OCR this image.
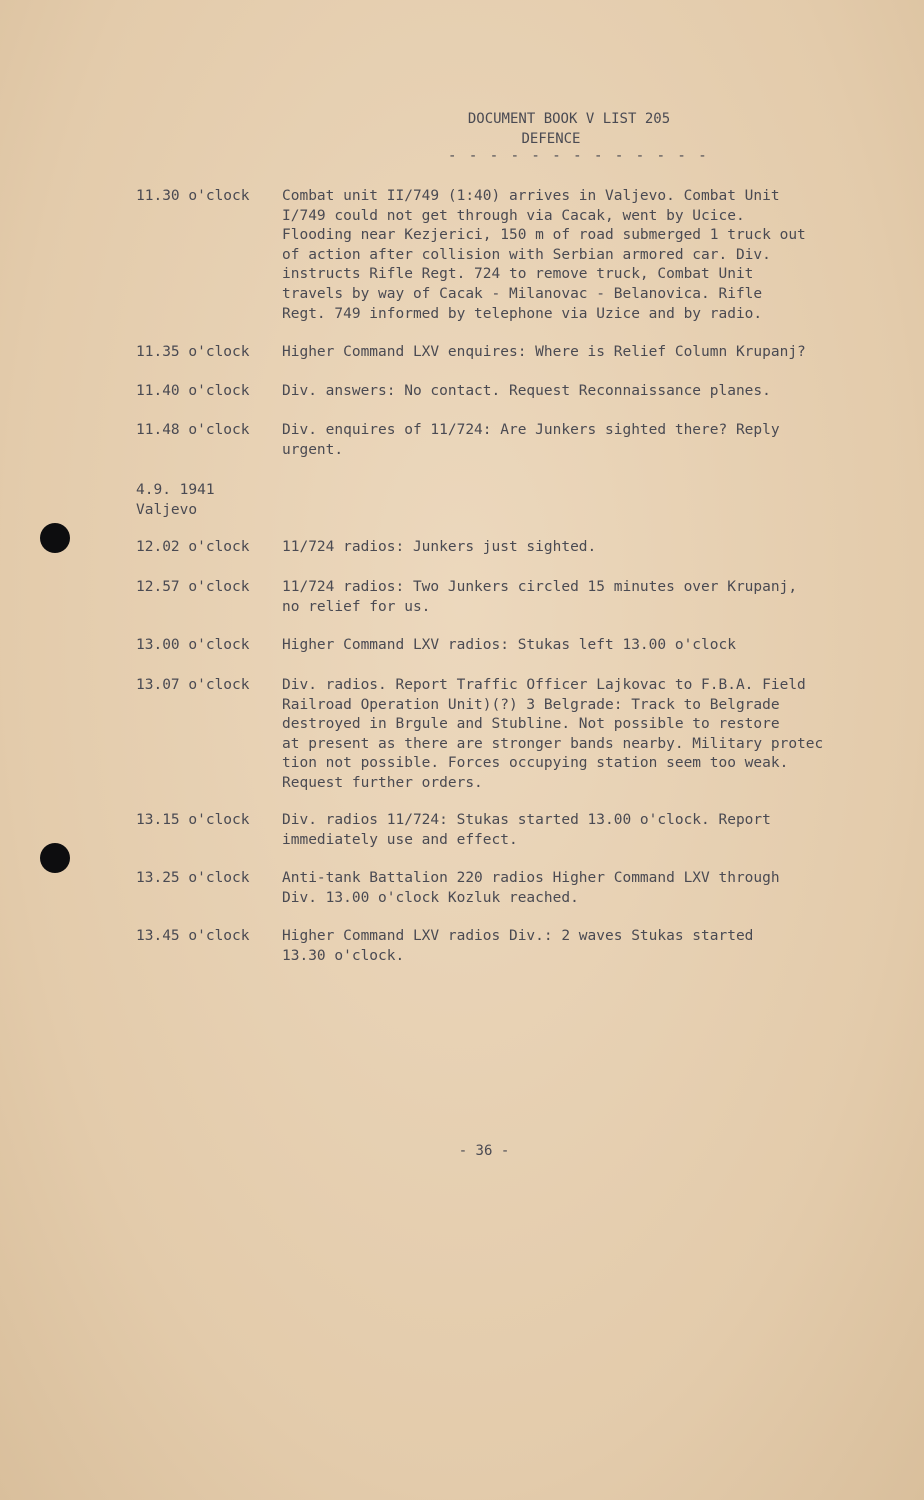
DOCUMENT BOOK V LIST 205
DEFENCE
- - - - - - - - - - - - -
11.30 o'clock	Combat unit II/749 (1:40) arrives in Valjevo. Combat Unit
I/749 could not get through via Cacak, went by Ucice.
Flooding near Kezjerici, 150 m of road submerged 1 truck out
of action after collision with Serbian armored car. Div.
instructs Rifle Regt. 724 to remove truck, Combat Unit
travels by way of Cacak - Milanovac - Belanovica. Rifle
Regt. 749 informed by telephone via Uzice and by radio.
11.35 o'clock	Higher Command LXV enquires: Where is Relief Column Krupanj?
11.40 o'clock	Div. answers: No contact. Request Reconnaissance planes.
11.48 o'clock	Div. enquires of 11/724: Are Junkers sighted there? Reply
urgent.
4.9. 1941
Valjevo
12.02 o'clock	11/724 radios: Junkers just sighted.
12.57 o'clock	11/724 radios: Two Junkers circled 15 minutes over Krupanj,
no relief for us.
13.00 o'clock	Higher Command LXV radios: Stukas left 13.00 o'clock
13.07 o'clock	Div. radios. Report Traffic Officer Lajkovac to F.B.A. Field
Railroad Operation Unit)(?) 3 Belgrade: Track to Belgrade
destroyed in Brgule and Stubline. Not possible to restore
at present as there are stronger bands nearby. Military protec
tion not possible. Forces occupying station seem too weak.
Request further orders.
13.15 o'clock	Div. radios 11/724: Stukas started 13.00 o'clock. Report
immediately use and effect.
13.25 o'clock	Anti-tank Battalion 220 radios Higher Command LXV through
Div. 13.00 o'clock Kozluk reached.
13.45 o'clock	Higher Command LXV radios Div.: 2 waves Stukas started
13.30 o'clock.
- 36 -
